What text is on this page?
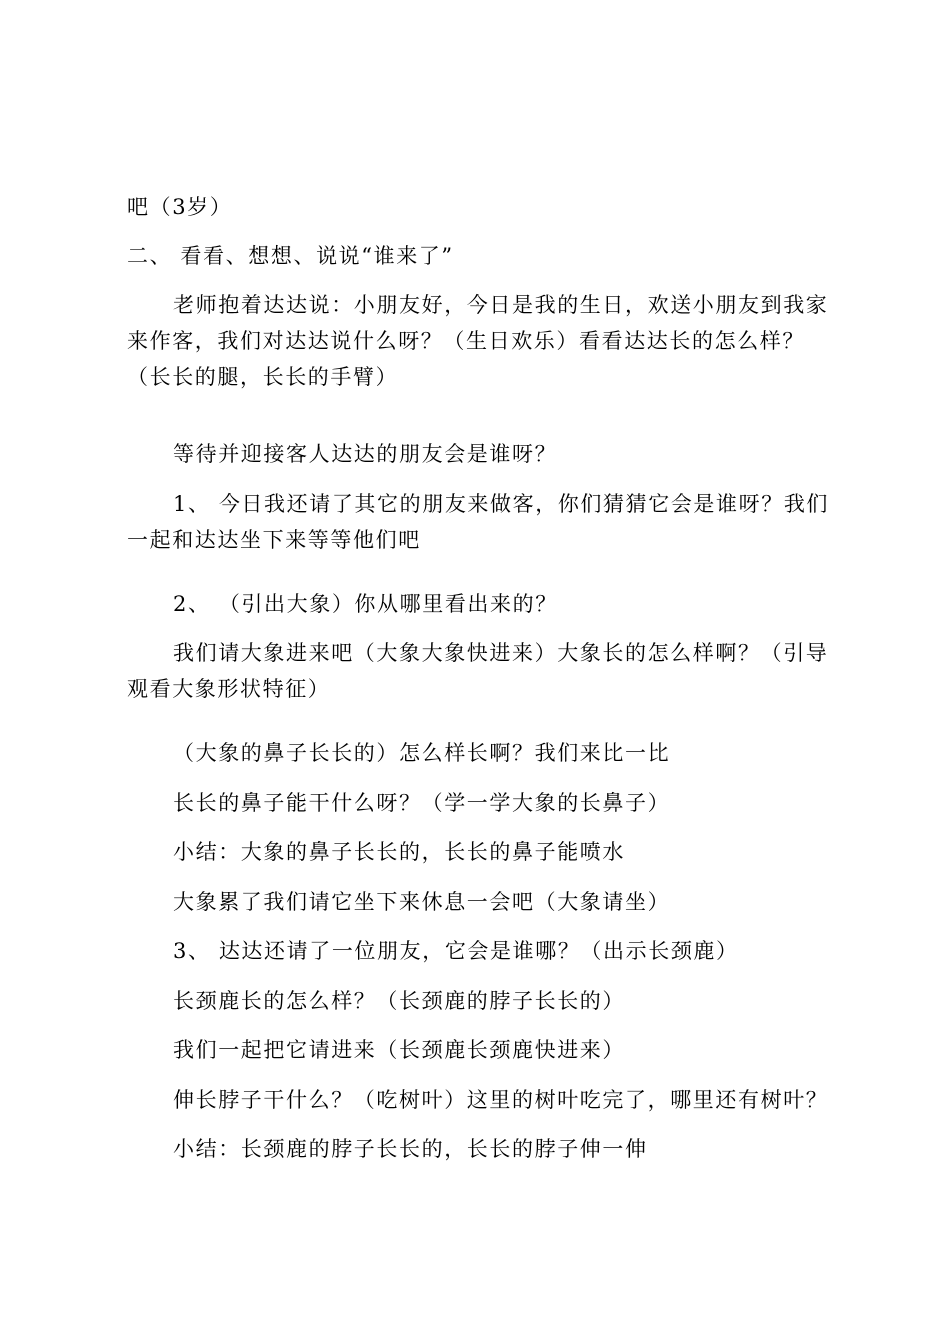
吧（3岁）

二、 看看、想想、说说“谁来了”

老师抱着达达说：小朋友好，今日是我的生日，欢送小朋友到我家来作客，我们对达达说什么呀？（生日欢乐）看看达达长的怎么样？（长长的腿，长长的手臂）

等待并迎接客人达达的朋友会是谁呀？

1、 今日我还请了其它的朋友来做客，你们猜猜它会是谁呀？我们一起和达达坐下来等等他们吧

2、 （引出大象）你从哪里看出来的？

我们请大象进来吧（大象大象快进来）大象长的怎么样啊？（引导观看大象形状特征）

（大象的鼻子长长的）怎么样长啊？我们来比一比

长长的鼻子能干什么呀？（学一学大象的长鼻子）

小结：大象的鼻子长长的，长长的鼻子能喷水

大象累了我们请它坐下来休息一会吧（大象请坐）

3、 达达还请了一位朋友，它会是谁哪？（出示长颈鹿）

长颈鹿长的怎么样？（长颈鹿的脖子长长的）

我们一起把它请进来（长颈鹿长颈鹿快进来）

伸长脖子干什么？（吃树叶）这里的树叶吃完了，哪里还有树叶？

小结：长颈鹿的脖子长长的，长长的脖子伸一伸
